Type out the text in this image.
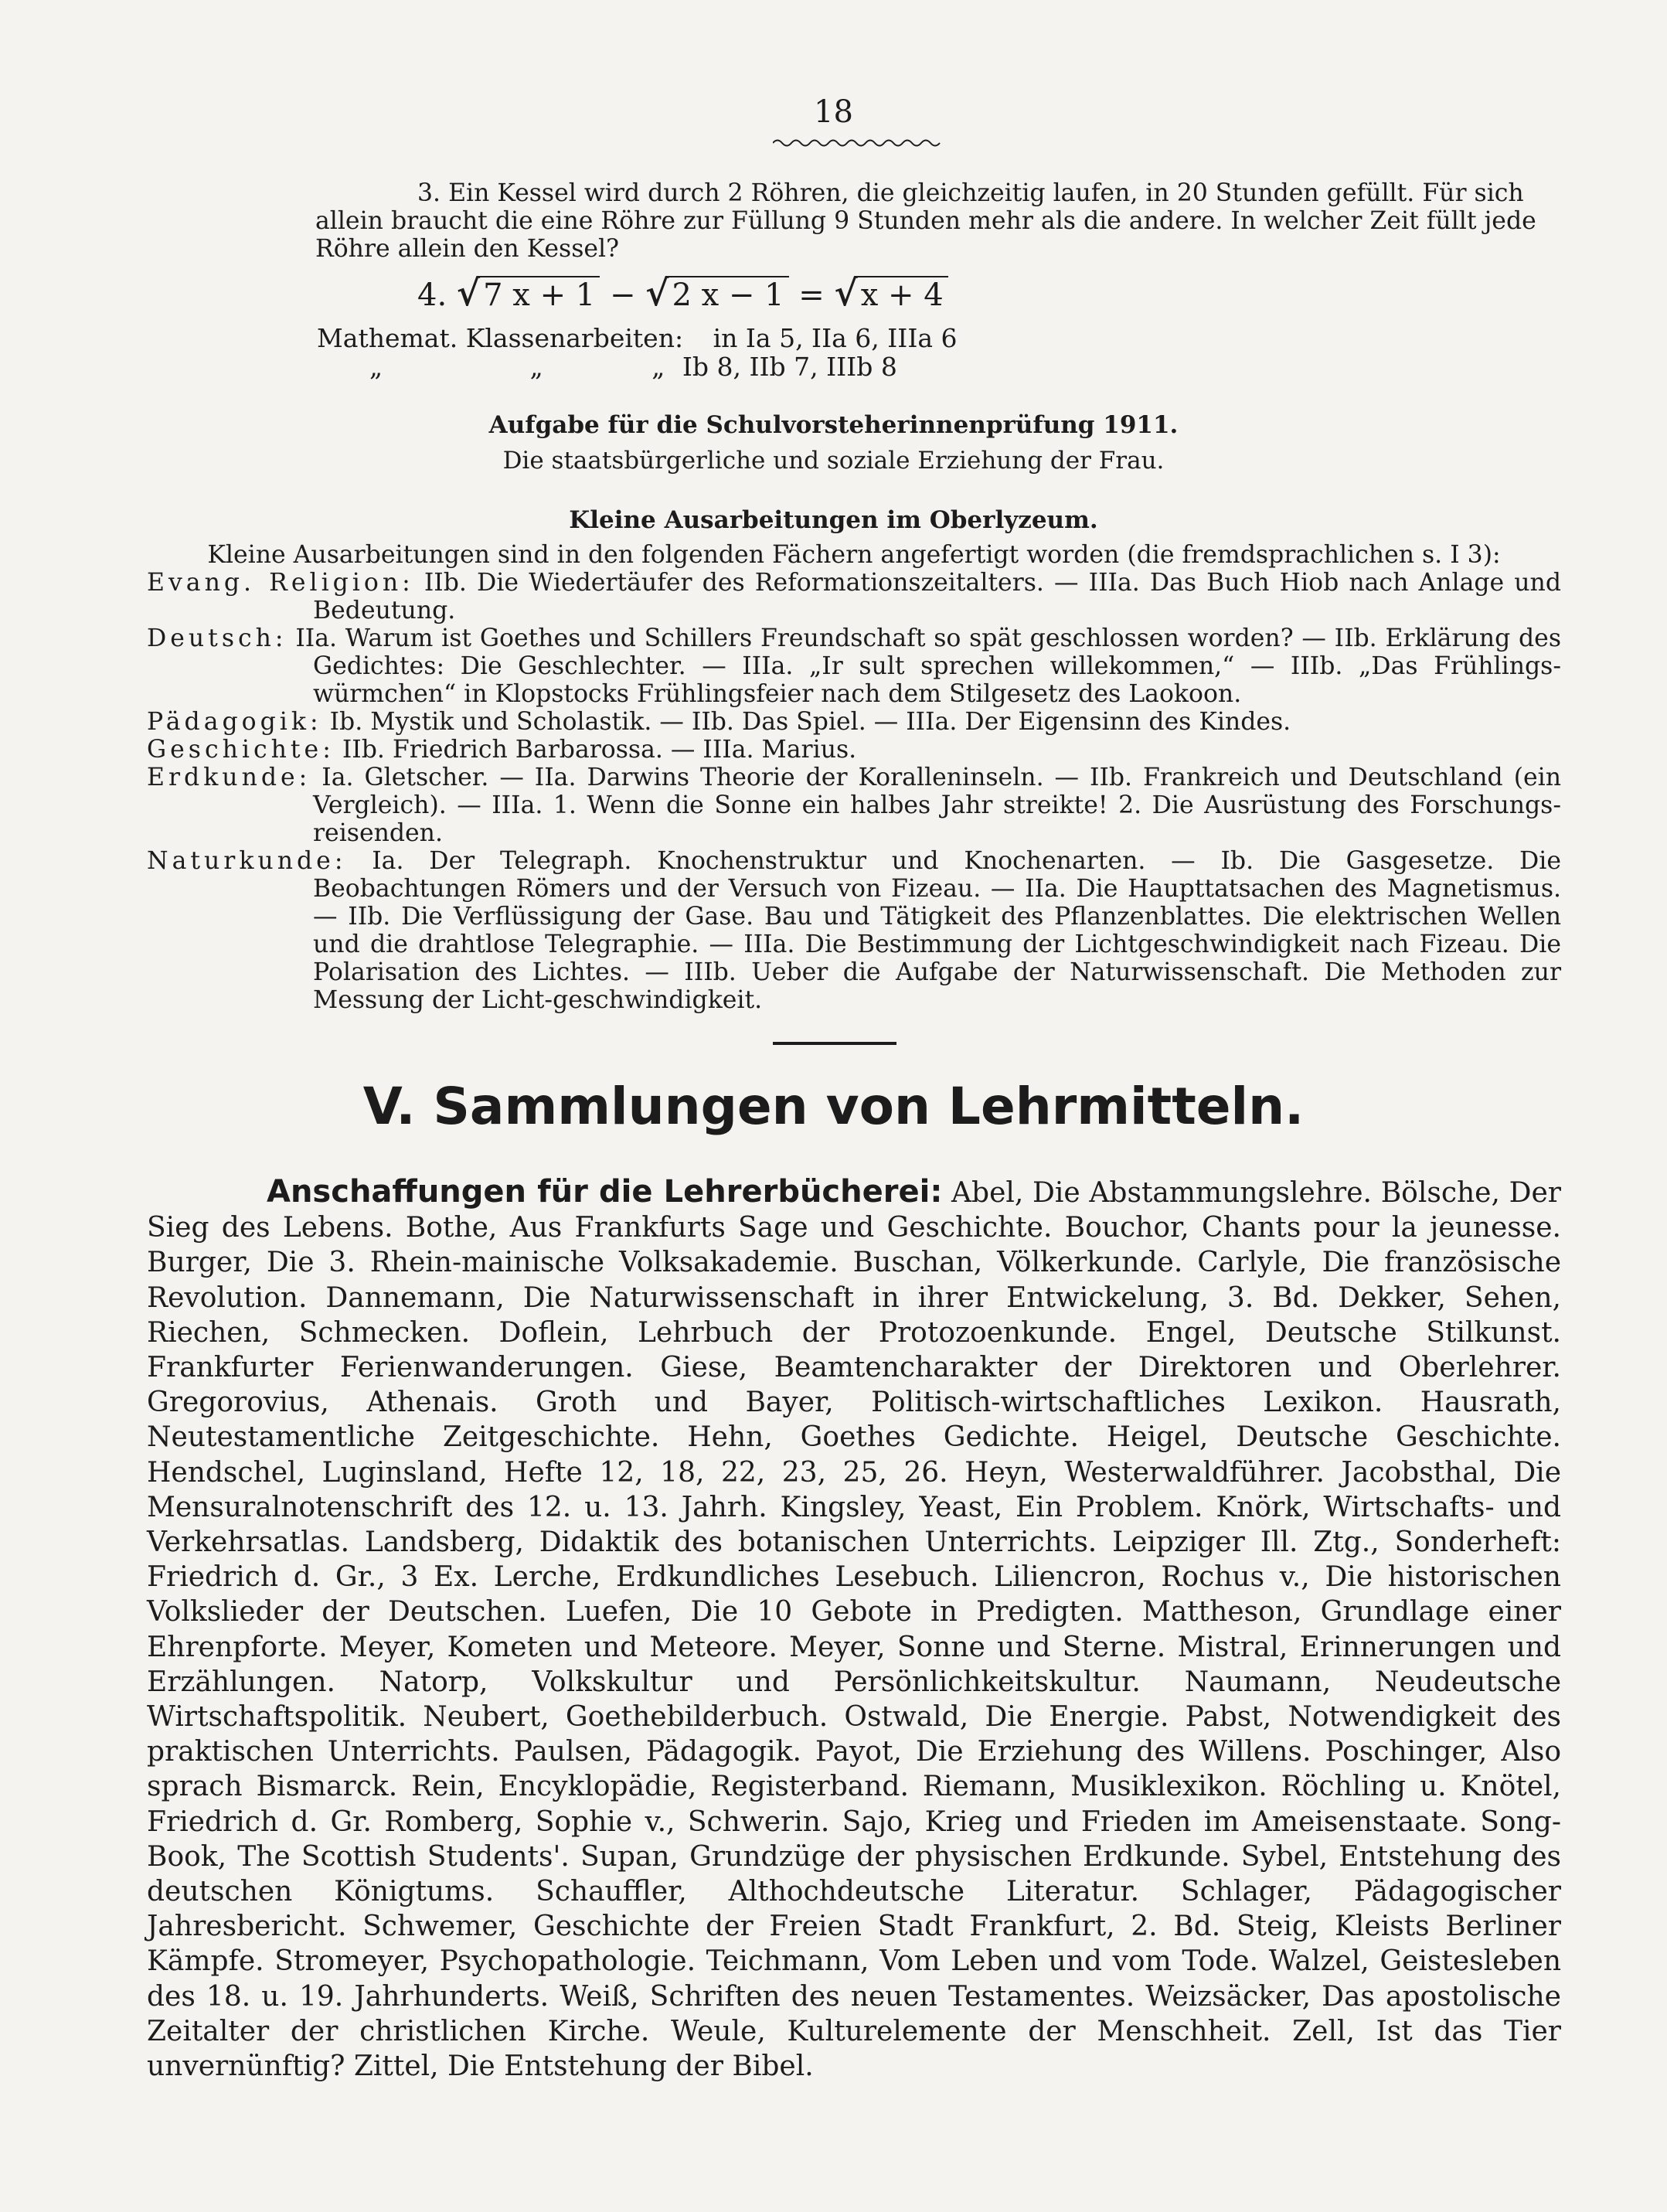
18
3. Ein Kessel wird durch 2 Röhren, die gleichzeitig laufen, in 20 Stunden gefüllt. Für sich
allein braucht die eine Röhre zur Füllung 9 Stunden mehr als die andere. In welcher Zeit füllt jede
Röhre allein den Kessel?
4. √ 7 x + 1 − √ 2 x − 1 = √ x + 4
Mathemat. Klassenarbeiten: in Ia 5, IIa 6, IIIa 6
„	„	„ Ib 8, IIb 7, IIIb 8
Aufgabe für die Schulvorsteherinnenprüfung 1911.
Die staatsbürgerliche und soziale Erziehung der Frau.
Kleine Ausarbeitungen im Oberlyzeum.
Kleine Ausarbeitungen sind in den folgenden Fächern angefertigt worden (die fremdsprachlichen s. I 3):

Evang. Religion: IIb. Die Wiedertäufer des Reformationszeitalters. — IIIa. Das Buch Hiob nach Anlage und Bedeutung.

Deutsch: IIa. Warum ist Goethes und Schillers Freundschaft so spät geschlossen worden? — IIb. Erklärung des Gedichtes: Die Geschlechter. — IIIa. „Ir sult sprechen willekommen,“ — IIIb. „Das Frühlings-würmchen“ in Klopstocks Frühlingsfeier nach dem Stilgesetz des Laokoon.

Pädagogik: Ib. Mystik und Scholastik. — IIb. Das Spiel. — IIIa. Der Eigensinn des Kindes.

Geschichte: IIb. Friedrich Barbarossa. — IIIa. Marius.

Erdkunde: Ia. Gletscher. — IIa. Darwins Theorie der Koralleninseln. — IIb. Frankreich und Deutschland (ein Vergleich). — IIIa. 1. Wenn die Sonne ein halbes Jahr streikte! 2. Die Ausrüstung des Forschungs-reisenden.

Naturkunde: Ia. Der Telegraph. Knochenstruktur und Knochenarten. — Ib. Die Gasgesetze. Die Beobachtungen Römers und der Versuch von Fizeau. — IIa. Die Haupttatsachen des Magnetismus. — IIb. Die Verflüssigung der Gase. Bau und Tätigkeit des Pflanzenblattes. Die elektrischen Wellen und die drahtlose Telegraphie. — IIIa. Die Bestimmung der Lichtgeschwindigkeit nach Fizeau. Die Polarisation des Lichtes. — IIIb. Ueber die Aufgabe der Naturwissenschaft. Die Methoden zur Messung der Licht-geschwindigkeit.

V. Sammlungen von Lehrmitteln.

Anschaffungen für die Lehrerbücherei: Abel, Die Abstammungslehre. Bölsche, Der Sieg des Lebens. Bothe, Aus Frankfurts Sage und Geschichte. Bouchor, Chants pour la jeunesse. Burger, Die 3. Rhein-mainische Volksakademie. Buschan, Völkerkunde. Carlyle, Die französische Revolution. Dannemann, Die Naturwissenschaft in ihrer Entwickelung, 3. Bd. Dekker, Sehen, Riechen, Schmecken. Doflein, Lehrbuch der Protozoenkunde. Engel, Deutsche Stilkunst. Frankfurter Ferienwanderungen. Giese, Beamtencharakter der Direktoren und Oberlehrer. Gregorovius, Athenais. Groth und Bayer, Politisch-wirtschaftliches Lexikon. Hausrath, Neutestamentliche Zeitgeschichte. Hehn, Goethes Gedichte. Heigel, Deutsche Geschichte. Hendschel, Luginsland, Hefte 12, 18, 22, 23, 25, 26. Heyn, Westerwaldführer. Jacobsthal, Die Mensuralnotenschrift des 12. u. 13. Jahrh. Kingsley, Yeast, Ein Problem. Knörk, Wirtschafts- und Verkehrsatlas. Landsberg, Didaktik des botanischen Unterrichts. Leipziger Ill. Ztg., Sonderheft: Friedrich d. Gr., 3 Ex. Lerche, Erdkundliches Lesebuch. Liliencron, Rochus v., Die historischen Volkslieder der Deutschen. Luefen, Die 10 Gebote in Predigten. Mattheson, Grundlage einer Ehrenpforte. Meyer, Kometen und Meteore. Meyer, Sonne und Sterne. Mistral, Erinnerungen und Erzählungen. Natorp, Volkskultur und Persönlichkeitskultur. Naumann, Neudeutsche Wirtschaftspolitik. Neubert, Goethebilderbuch. Ostwald, Die Energie. Pabst, Notwendigkeit des praktischen Unterrichts. Paulsen, Pädagogik. Payot, Die Erziehung des Willens. Poschinger, Also sprach Bismarck. Rein, Encyklopädie, Registerband. Riemann, Musiklexikon. Röchling u. Knötel, Friedrich d. Gr. Romberg, Sophie v., Schwerin. Sajo, Krieg und Frieden im Ameisenstaate. Song-Book, The Scottish Students'. Supan, Grundzüge der physischen Erdkunde. Sybel, Entstehung des deutschen Königtums. Schauffler, Althochdeutsche Literatur. Schlager, Pädagogischer Jahresbericht. Schwemer, Geschichte der Freien Stadt Frankfurt, 2. Bd. Steig, Kleists Berliner Kämpfe. Stromeyer, Psychopathologie. Teichmann, Vom Leben und vom Tode. Walzel, Geistesleben des 18. u. 19. Jahrhunderts. Weiß, Schriften des neuen Testamentes. Weizsäcker, Das apostolische Zeitalter der christlichen Kirche. Weule, Kulturelemente der Menschheit. Zell, Ist das Tier unvernünftig? Zittel, Die Entstehung der Bibel.
